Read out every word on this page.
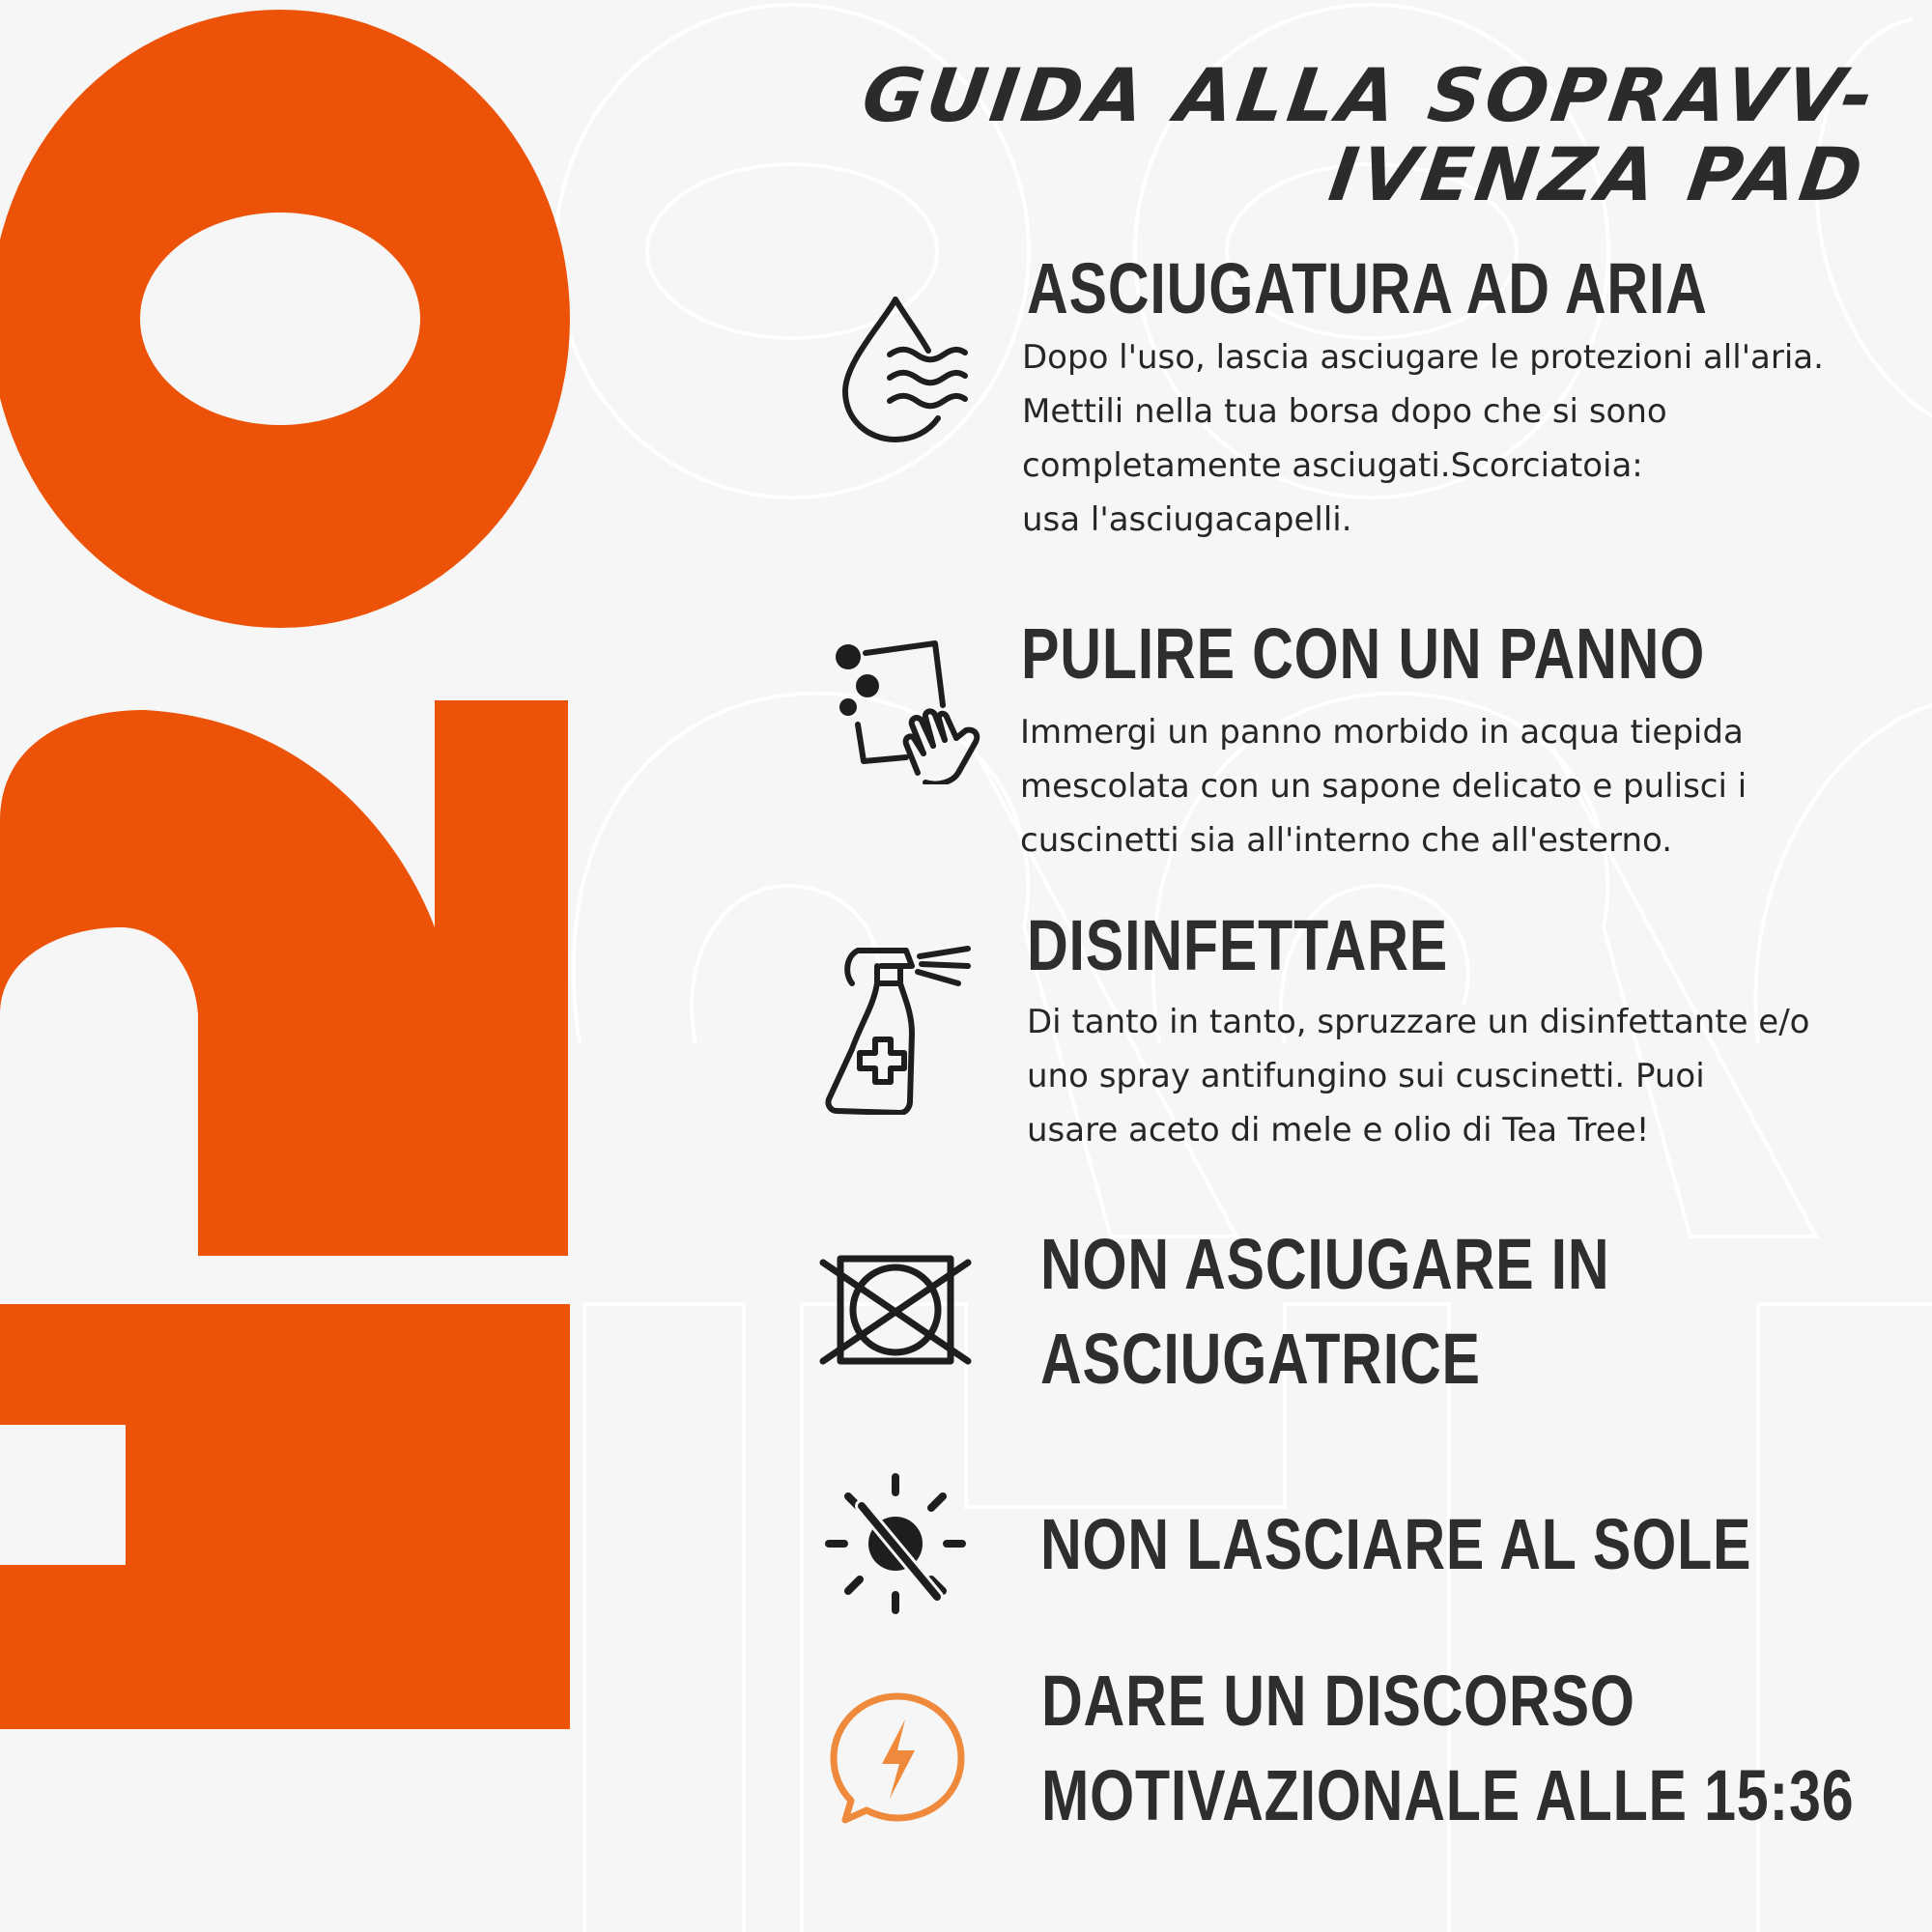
GUIDA ALLA SOPRAVV-
IVENZA PAD
ASCIUGATURA AD ARIA
Dopo l'uso, lascia asciugare le protezioni all'aria.
Mettili nella tua borsa dopo che si sono
completamente asciugati.Scorciatoia:
usa l'asciugacapelli.
PULIRE CON UN PANNO
Immergi un panno morbido in acqua tiepida
mescolata con un sapone delicato e pulisci i
cuscinetti sia all'interno che all'esterno.
DISINFETTARE
Di tanto in tanto, spruzzare un disinfettante e/o
uno spray antifungino sui cuscinetti. Puoi
usare aceto di mele e olio di Tea Tree!
NON ASCIUGARE IN
ASCIUGATRICE
NON LASCIARE AL SOLE
DARE UN DISCORSO
MOTIVAZIONALE ALLE 15:36
